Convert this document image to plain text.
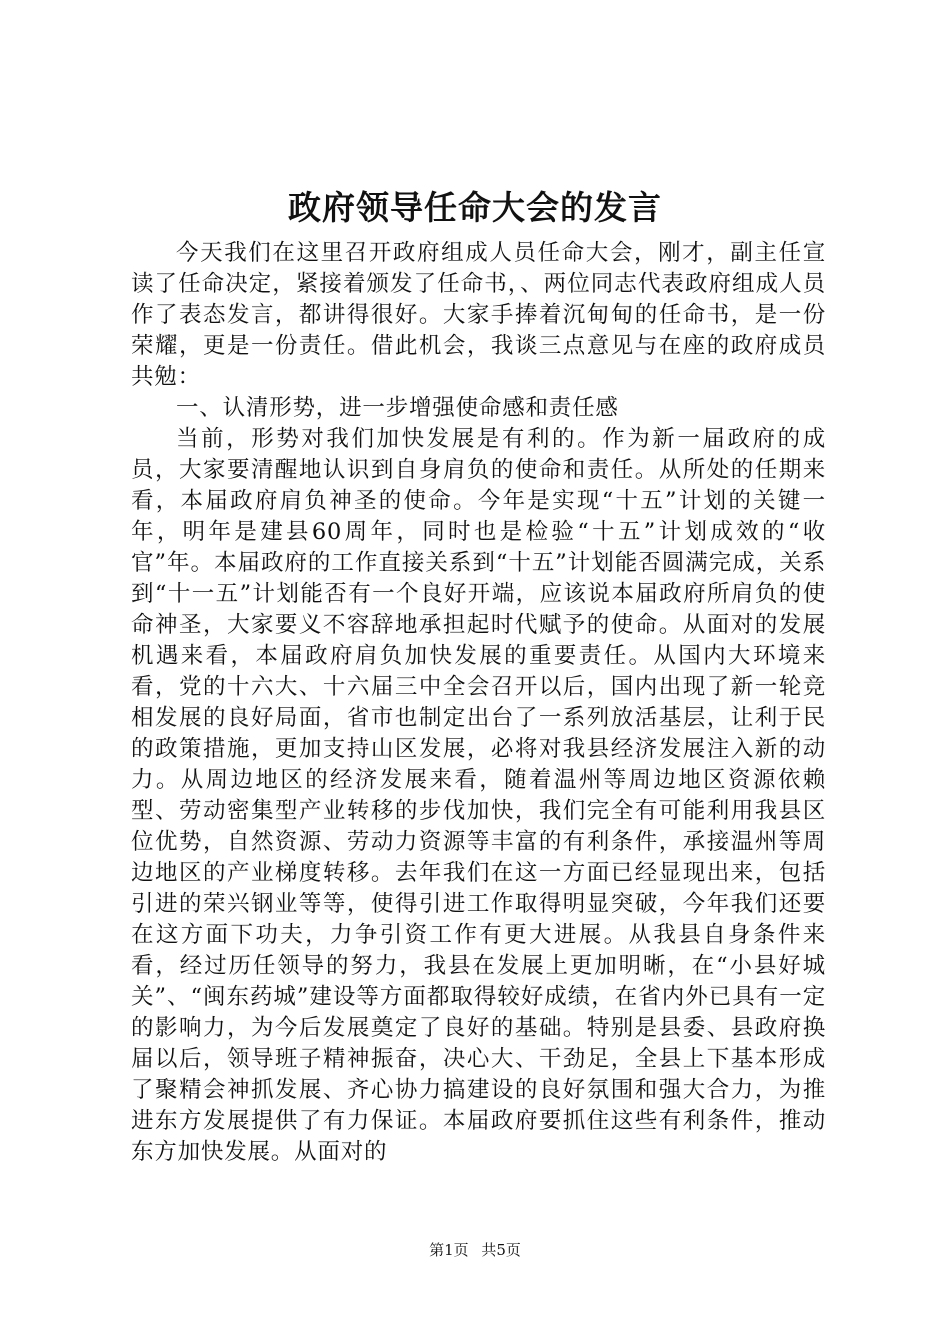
政府领导任命大会的发言

今天我们在这里召开政府组成人员任命大会，刚才，副主任宣读了任命决定，紧接着颁发了任命书，、两位同志代表政府组成人员作了表态发言，都讲得很好。大家手捧着沉甸甸的任命书，是一份荣耀，更是一份责任。借此机会，我谈三点意见与在座的政府成员共勉：

一、认清形势，进一步增强使命感和责任感

当前，形势对我们加快发展是有利的。作为新一届政府的成员，大家要清醒地认识到自身肩负的使命和责任。从所处的任期来看，本届政府肩负神圣的使命。今年是实现“十五”计划的关键一年，明年是建县60周年，同时也是检验“十五”计划成效的“收官”年。本届政府的工作直接关系到“十五”计划能否圆满完成，关系到“十一五”计划能否有一个良好开端，应该说本届政府所肩负的使命神圣，大家要义不容辞地承担起时代赋予的使命。从面对的发展机遇来看，本届政府肩负加快发展的重要责任。从国内大环境来看，党的十六大、十六届三中全会召开以后，国内出现了新一轮竞相发展的良好局面，省市也制定出台了一系列放活基层，让利于民的政策措施，更加支持山区发展，必将对我县经济发展注入新的动力。从周边地区的经济发展来看，随着温州等周边地区资源依赖型、劳动密集型产业转移的步伐加快，我们完全有可能利用我县区位优势，自然资源、劳动力资源等丰富的有利条件，承接温州等周边地区的产业梯度转移。去年我们在这一方面已经显现出来，包括引进的荣兴钢业等等，使得引进工作取得明显突破，今年我们还要在这方面下功夫，力争引资工作有更大进展。从我县自身条件来看，经过历任领导的努力，我县在发展上更加明晰，在“小县好城关”、“闽东药城”建设等方面都取得较好成绩，在省内外已具有一定的影响力，为今后发展奠定了良好的基础。特别是县委、县政府换届以后，领导班子精神振奋，决心大、干劲足，全县上下基本形成了聚精会神抓发展、齐心协力搞建设的良好氛围和强大合力，为推进东方发展提供了有力保证。本届政府要抓住这些有利条件，推动东方加快发展。从面对的

第1页 共5页
